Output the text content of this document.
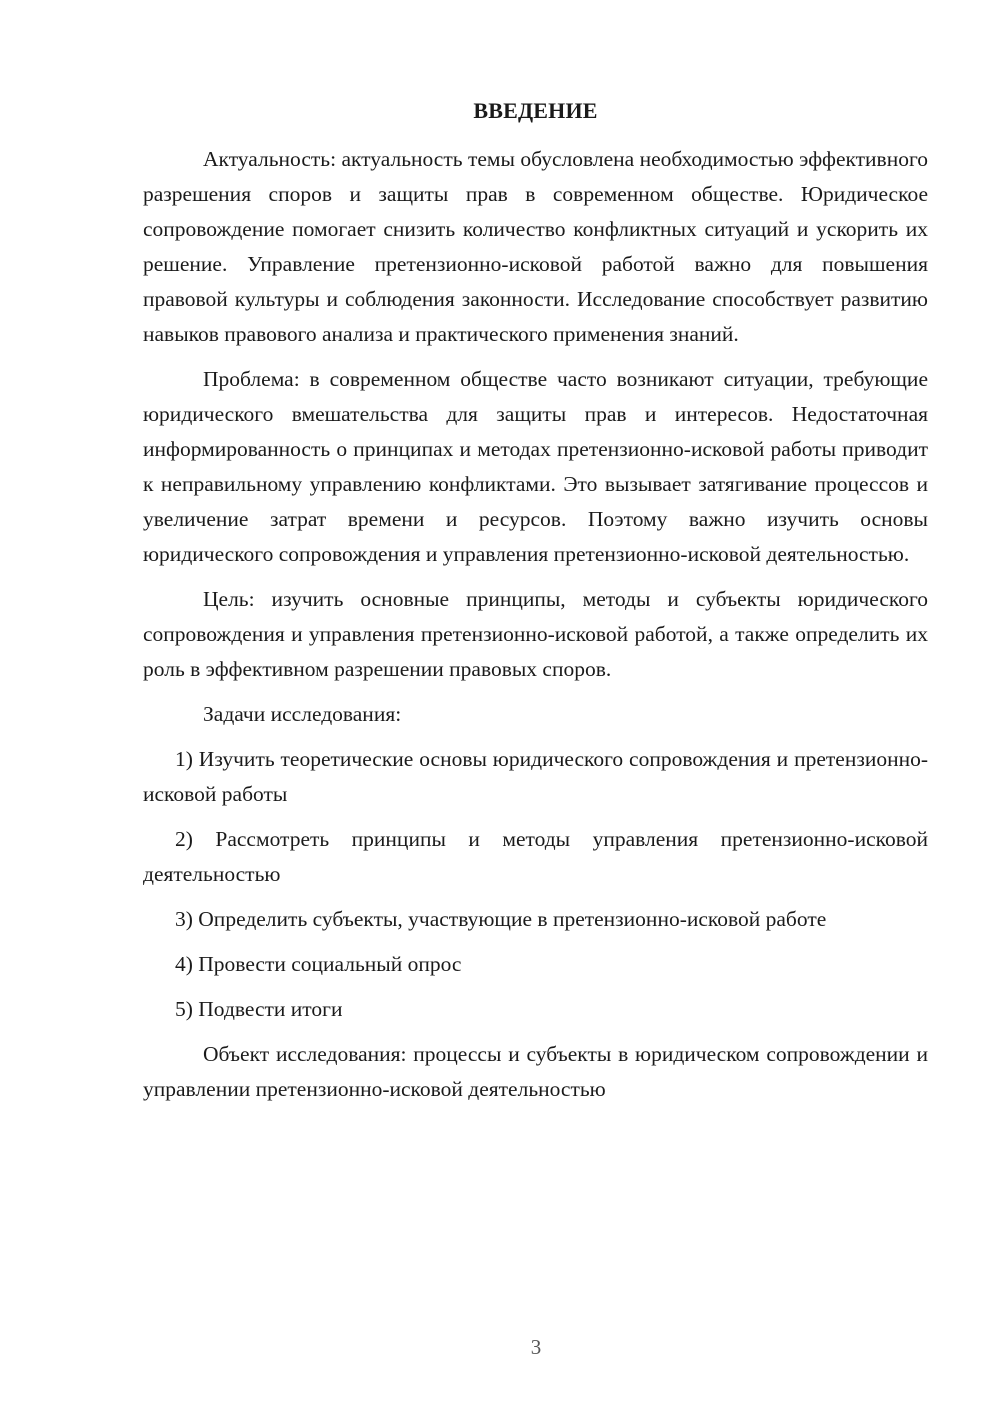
ВВЕДЕНИЕ

Актуальность: актуальность темы обусловлена необходимостью эффективного разрешения споров и защиты прав в современном обществе. Юридическое сопровождение помогает снизить количество конфликтных ситуаций и ускорить их решение. Управление претензионно-исковой работой важно для повышения правовой культуры и соблюдения законности. Исследование способствует развитию навыков правового анализа и практического применения знаний.

Проблема: в современном обществе часто возникают ситуации, требующие юридического вмешательства для защиты прав и интересов. Недостаточная информированность о принципах и методах претензионно-исковой работы приводит к неправильному управлению конфликтами. Это вызывает затягивание процессов и увеличение затрат времени и ресурсов. Поэтому важно изучить основы юридического сопровождения и управления претензионно-исковой деятельностью.

Цель: изучить основные принципы, методы и субъекты юридического сопровождения и управления претензионно-исковой работой, а также определить их роль в эффективном разрешении правовых споров.

Задачи исследования:

1) Изучить теоретические основы юридического сопровождения и претензионно-исковой работы

2) Рассмотреть принципы и методы управления претензионно-исковой деятельностью

3) Определить субъекты, участвующие в претензионно-исковой работе

4) Провести социальный опрос

5) Подвести итоги

Объект исследования: процессы и субъекты в юридическом сопровождении и управлении претензионно-исковой деятельностью

3
